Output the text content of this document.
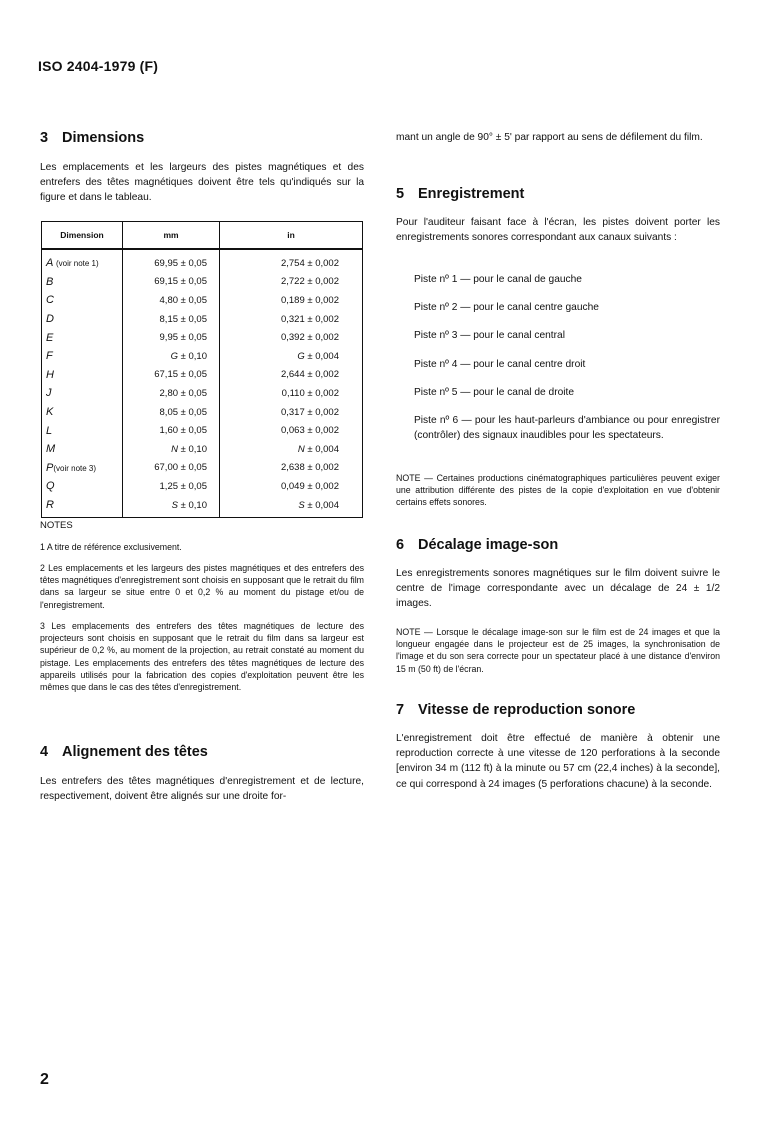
ISO 2404-1979 (F)
2
3 Dimensions
Les emplacements et les largeurs des pistes magnétiques et des entrefers des têtes magnétiques doivent être tels qu'indiqués sur la figure et dans le tableau.
Dimension	mm	in
A (voir note 1)	69,95 ± 0,05	2,754 ± 0,002
B	69,15 ± 0,05	2,722 ± 0,002
C	4,80 ± 0,05	0,189 ± 0,002
D	8,15 ± 0,05	0,321 ± 0,002
E	9,95 ± 0,05	0,392 ± 0,002
F	G ± 0,10	G ± 0,004
H	67,15 ± 0,05	2,644 ± 0,002
J	2,80 ± 0,05	0,110 ± 0,002
K	8,05 ± 0,05	0,317 ± 0,002
L	1,60 ± 0,05	0,063 ± 0,002
M	N ± 0,10	N ± 0,004
P(voir note 3)	67,00 ± 0,05	2,638 ± 0,002
Q	1,25 ± 0,05	0,049 ± 0,002
R	S ± 0,10	S ± 0,004
NOTES
1 A titre de référence exclusivement.
2 Les emplacements et les largeurs des pistes magnétiques et des entrefers des têtes magnétiques d'enregistrement sont choisis en supposant que le retrait du film dans sa largeur se situe entre 0 et 0,2 % au moment du pistage et/ou de l'enregistrement.
3 Les emplacements des entrefers des têtes magnétiques de lecture des projecteurs sont choisis en supposant que le retrait du film dans sa largeur est supérieur de 0,2 %, au moment de la projection, au retrait constaté au moment du pistage. Les emplacements des entrefers des têtes magnétiques de lecture des appareils utilisés pour la fabrication des copies d'exploitation peuvent être les mêmes que dans le cas des têtes d'enregistrement.
4 Alignement des têtes
Les entrefers des têtes magnétiques d'enregistrement et de lecture, respectivement, doivent être alignés sur une droite for-
mant un angle de 90° ± 5' par rapport au sens de défilement du film.
5 Enregistrement
Pour l'auditeur faisant face à l'écran, les pistes doivent porter les enregistrements sonores correspondant aux canaux suivants :
Piste nº 1 — pour le canal de gauche
Piste nº 2 — pour le canal centre gauche
Piste nº 3 — pour le canal central
Piste nº 4 — pour le canal centre droit
Piste nº 5 — pour le canal de droite
Piste nº 6 — pour les haut-parleurs d'ambiance ou pour enregistrer (contrôler) des signaux inaudibles pour les spectateurs.
NOTE — Certaines productions cinématographiques particulières peuvent exiger une attribution différente des pistes de la copie d'exploitation en vue d'obtenir certains effets sonores.
6 Décalage image-son
Les enregistrements sonores magnétiques sur le film doivent suivre le centre de l'image correspondante avec un décalage de 24 ± 1/2 images.
NOTE — Lorsque le décalage image-son sur le film est de 24 images et que la longueur engagée dans le projecteur est de 25 images, la synchronisation de l'image et du son sera correcte pour un spectateur placé à une distance d'environ 15 m (50 ft) de l'écran.
7 Vitesse de reproduction sonore
L'enregistrement doit être effectué de manière à obtenir une reproduction correcte à une vitesse de 120 perforations à la seconde [environ 34 m (112 ft) à la minute ou 57 cm (22,4 inches) à la seconde], ce qui correspond à 24 images (5 perforations chacune) à la seconde.
